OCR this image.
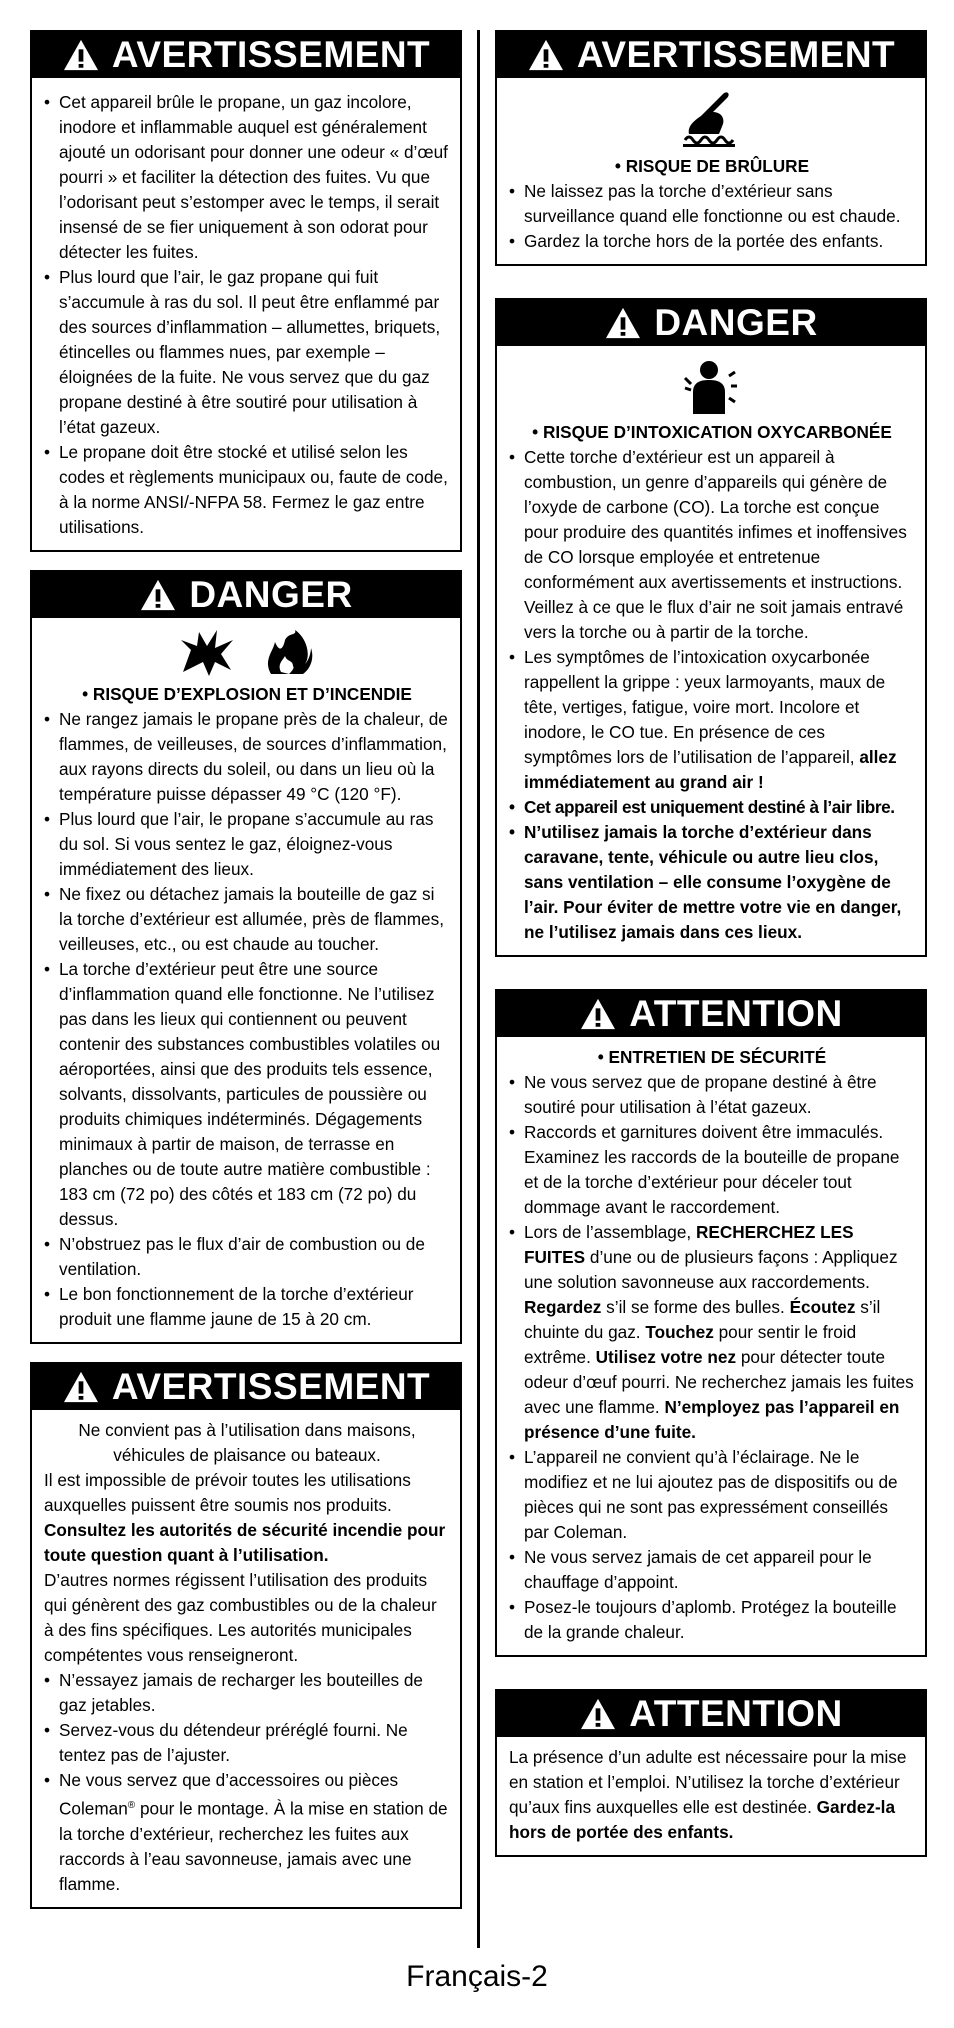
AVERTISSEMENT
• Cet appareil brûle le propane, un gaz incolore, inodore et inflammable auquel est généralement ajouté un odorisant pour donner une odeur « d’œuf pourri » et faciliter la détection des fuites. Vu que l’odorisant peut s’estomper avec le temps, il serait insensé de se fier uniquement à son odorat pour détecter les fuites.
• Plus lourd que l’air, le gaz propane qui fuit s’accumule à ras du sol. Il peut être enflammé par des sources d’inflammation – allumettes, briquets, étincelles ou flammes nues, par exemple – éloignées de la fuite. Ne vous servez que du gaz propane destiné à être soutiré pour utilisation à l’état gazeux.
• Le propane doit être stocké et utilisé selon les codes et règlements municipaux ou, faute de code, à la norme ANSI/-NFPA 58. Fermez le gaz entre utilisations.
DANGER
• RISQUE D’EXPLOSION ET D’INCENDIE
• Ne rangez jamais le propane près de la chaleur, de flammes, de veilleuses, de sources d’inflammation, aux rayons directs du soleil, ou dans un lieu où la température puisse dépasser 49 °C (120 °F).
• Plus lourd que l’air, le propane s’accumule au ras du sol. Si vous sentez le gaz, éloignez-vous immédiatement des lieux.
• Ne fixez ou détachez jamais la bouteille de gaz si la torche d’extérieur est allumée, près de flammes, veilleuses, etc., ou est chaude au toucher.
• La torche d’extérieur peut être une source d’inflammation quand elle fonctionne. Ne l’utilisez pas dans les lieux qui contiennent ou peuvent contenir des substances combustibles volatiles ou aéroportées, ainsi que des produits tels essence, solvants, dissolvants, particules de poussière ou produits chimiques indéterminés. Dégagements minimaux à partir de maison, de terrasse en planches ou de toute autre matière combustible : 183 cm (72 po) des côtés et 183 cm (72 po) du dessus.
• N’obstruez pas le flux d’air de combustion ou de ventilation.
• Le bon fonctionnement de la torche d’extérieur produit une flamme jaune de 15 à 20 cm.
AVERTISSEMENT
Ne convient pas à l’utilisation dans maisons, véhicules de plaisance ou bateaux.
Il est impossible de prévoir toutes les utilisations auxquelles puissent être soumis nos produits. Consultez les autorités de sécurité incendie pour toute question quant à l’utilisation.
D’autres normes régissent l’utilisation des produits qui génèrent des gaz combustibles ou de la chaleur à des fins spécifiques. Les autorités municipales compétentes vous renseigneront.
• N’essayez jamais de recharger les bouteilles de gaz jetables.
• Servez-vous du détendeur préréglé fourni. Ne tentez pas de l’ajuster.
• Ne vous servez que d’accessoires ou pièces Coleman® pour le montage. À la mise en station de la torche d’extérieur, recherchez les fuites aux raccords à l’eau savonneuse, jamais avec une flamme.
AVERTISSEMENT
• RISQUE DE BRÛLURE
• Ne laissez pas la torche d’extérieur sans surveillance quand elle fonctionne ou est chaude.
• Gardez la torche hors de la portée des enfants.
DANGER
• RISQUE D’INTOXICATION OXYCARBONÉE
• Cette torche d’extérieur est un appareil à combustion, un genre d’appareils qui génère de l’oxyde de carbone (CO). La torche est conçue pour produire des quantités infimes et inoffensives de CO lorsque employée et entretenue conformément aux avertissements et instructions. Veillez à ce que le flux d’air ne soit jamais entravé vers la torche ou à partir de la torche.
• Les symptômes de l’intoxication oxycarbonée rappellent la grippe : yeux larmoyants, maux de tête, vertiges, fatigue, voire mort. Incolore et inodore, le CO tue. En présence de ces symptômes lors de l’utilisation de l’appareil, allez immédiatement au grand air !
• Cet appareil est uniquement destiné à l’air libre.
• N’utilisez jamais la torche d’extérieur dans caravane, tente, véhicule ou autre lieu clos, sans ventilation – elle consume l’oxygène de l’air. Pour éviter de mettre votre vie en danger, ne l’utilisez jamais dans ces lieux.
ATTENTION
• ENTRETIEN DE SÉCURITÉ
• Ne vous servez que de propane destiné à être soutiré pour utilisation à l’état gazeux.
• Raccords et garnitures doivent être immaculés. Examinez les raccords de la bouteille de propane et de la torche d’extérieur pour déceler tout dommage avant le raccordement.
• Lors de l’assemblage, RECHERCHEZ LES FUITES d’une ou de plusieurs façons : Appliquez une solution savonneuse aux raccordements. Regardez s’il se forme des bulles. Écoutez s’il chuinte du gaz. Touchez pour sentir le froid extrême. Utilisez votre nez pour détecter toute odeur d’œuf pourri. Ne recherchez jamais les fuites avec une flamme. N’employez pas l’appareil en présence d’une fuite.
• L’appareil ne convient qu’à l’éclairage. Ne le modifiez et ne lui ajoutez pas de dispositifs ou de pièces qui ne sont pas expressément conseillés par Coleman.
• Ne vous servez jamais de cet appareil pour le chauffage d’appoint.
• Posez-le toujours d’aplomb. Protégez la bouteille de la grande chaleur.
ATTENTION
La présence d’un adulte est nécessaire pour la mise en station et l’emploi. N’utilisez la torche d’extérieur qu’aux fins auxquelles elle est destinée. Gardez-la hors de portée des enfants.
Français-2
